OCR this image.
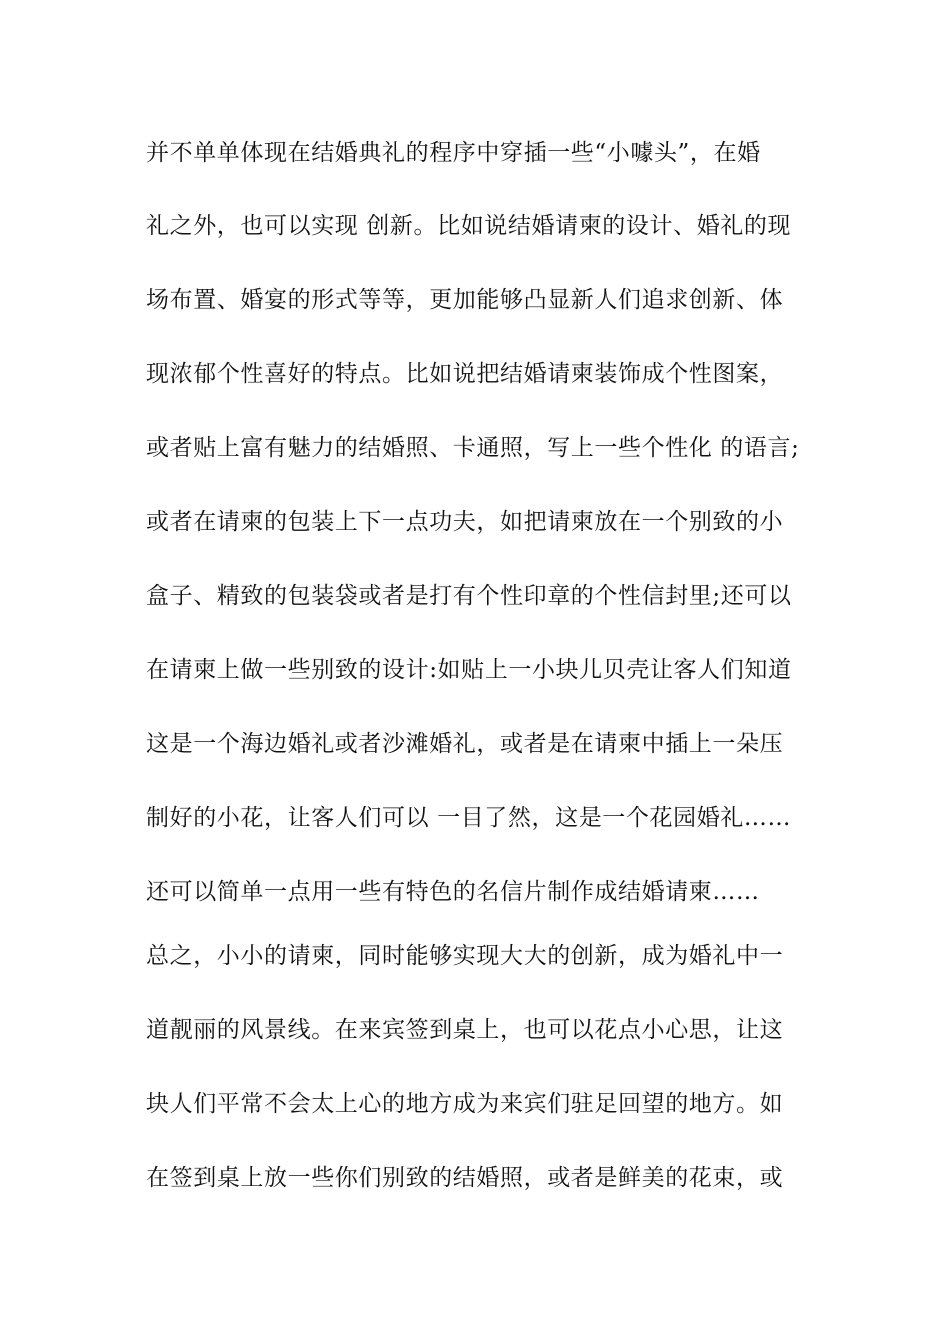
并不单单体现在结婚典礼的程序中穿插一些“小噱头”，在婚
礼之外，也可以实现 创新。比如说结婚请柬的设计、婚礼的现
场布置、婚宴的形式等等，更加能够凸显新人们追求创新、体
现浓郁个性喜好的特点。比如说把结婚请柬装饰成个性图案，
或者贴上富有魅力的结婚照、卡通照，写上一些个性化 的语言;
或者在请柬的包装上下一点功夫，如把请柬放在一个别致的小
盒子、精致的包装袋或者是打有个性印章的个性信封里;还可以
在请柬上做一些别致的设计:如贴上一小块儿贝壳让客人们知道
这是一个海边婚礼或者沙滩婚礼，或者是在请柬中插上一朵压
制好的小花，让客人们可以 一目了然，这是一个花园婚礼……
还可以简单一点用一些有特色的名信片制作成结婚请柬……
总之，小小的请柬，同时能够实现大大的创新，成为婚礼中一
道靓丽的风景线。在来宾签到桌上，也可以花点小心思，让这
块人们平常不会太上心的地方成为来宾们驻足回望的地方。如
在签到桌上放一些你们别致的结婚照，或者是鲜美的花束，或
